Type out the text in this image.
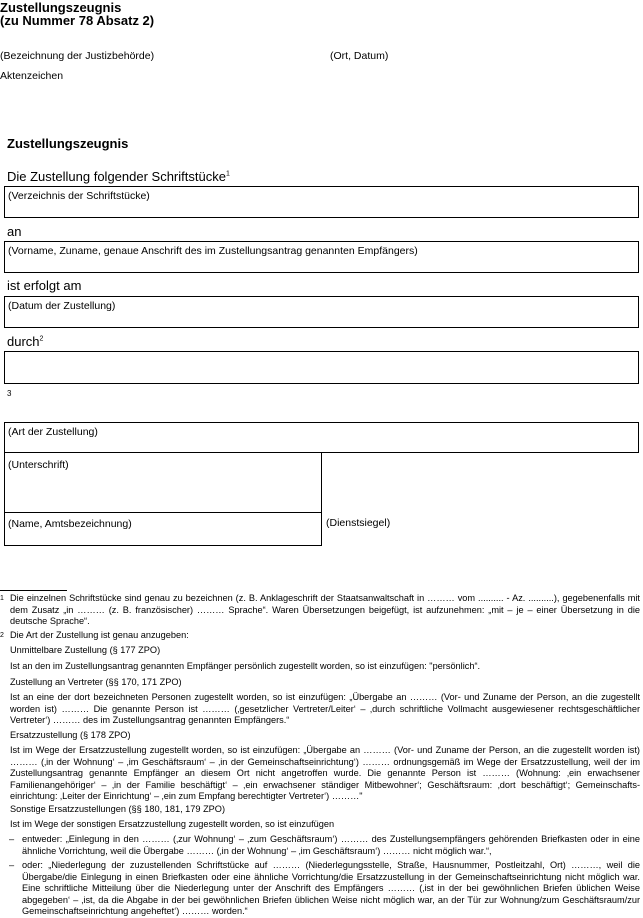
Zustellungszeugnis
(zu Nummer 78 Absatz 2)
(Bezeichnung der Justizbehörde)	(Ort, Datum)
Aktenzeichen
Zustellungszeugnis
Die Zustellung folgender Schriftstücke$^1$
(Verzeichnis der Schriftstücke)
an
(Vorname, Zuname, genaue Anschrift des im Zustellungsantrag genannten Empfängers)
ist erfolgt am
(Datum der Zustellung)
durch$^2$
3
(Art der Zustellung)
(Unterschrift)
(Name, Amtsbezeichnung)	(Dienstsiegel)
1 Die einzelnen Schriftstücke sind genau zu bezeichnen (z. B. Anklageschrift der Staatsanwaltschaft in ……… vom .......... - Az. ..........), gegebenenfalls mit dem Zusatz „in ……… (z. B. französischer) ……… Sprache“. Waren Übersetzungen beigefügt, ist aufzunehmen: „mit – je – einer Übersetzung in die deutsche Sprache“.
2 Die Art der Zustellung ist genau anzugeben:
Unmittelbare Zustellung (§ 177 ZPO)
Ist an den im Zustellungsantrag genannten Empfänger persönlich zugestellt worden, so ist einzufügen: "persönlich“.
Zustellung an Vertreter (§§ 170, 171 ZPO)
Ist an eine der dort bezeichneten Personen zugestellt worden, so ist einzufügen: „Übergabe an ……… (Vor- und Zuname der Person, an die zugestellt worden ist) ……… Die genannte Person ist ……… (‚gesetzlicher Vertreter/Leiter‘ – ‚durch schriftliche Vollmacht ausgewiesener rechtsgeschäftlicher Vertreter‘) ……… des im Zustellungsantrag genannten Empfängers.“
Ersatzzustellung (§ 178 ZPO)
Ist im Wege der Ersatzzustellung zugestellt worden, so ist einzufügen: „Übergabe an ……… (Vor- und Zuname der Person, an die zugestellt worden ist) ……… (‚in der Wohnung‘ – ‚im Geschäftsraum‘ – ‚in der Gemeinschaftseinrichtung‘) ……… ordnungsgemäß im Wege der Ersatzzustellung, weil der im Zustellungsantrag genannte Empfänger an diesem Ort nicht angetroffen wurde. Die genannte Person ist ……… (Wohnung: ‚ein erwachsener Familienangehöriger‘ – ‚in der Familie beschäftigt‘ – ‚ein erwachsener ständiger Mitbewohner‘; Geschäftsraum: ‚dort beschäftigt‘; Gemeinschaftseinrichtung: ‚Leiter der Einrichtung‘ – ‚ein zum Empfang berechtigter Vertreter‘) ………"
Sonstige Ersatzzustellungen (§§ 180, 181, 179 ZPO)
Ist im Wege der sonstigen Ersatzzustellung zugestellt worden, so ist einzufügen
– entweder: „Einlegung in den ……… (‚zur Wohnung‘ – ‚zum Geschäftsraum‘) ……… des Zustellungsempfängers gehörenden Briefkasten oder in eine ähnliche Vorrichtung, weil die Übergabe ……… (‚in der Wohnung‘ – ‚im Geschäftsraum‘) ……… nicht möglich war.“,
– oder: „Niederlegung der zuzustellenden Schriftstücke auf ……… (Niederlegungsstelle, Straße, Hausnummer, Postleitzahl, Ort) ………, weil die Übergabe/die Einlegung in einen Briefkasten oder eine ähnliche Vorrichtung/die Ersatzzustellung in der Gemeinschaftseinrichtung nicht möglich war. Eine schriftliche Mitteilung über die Niederlegung unter der Anschrift des Empfängers ……… (‚ist in der bei gewöhnlichen Briefen üblichen Weise abgegeben‘ – ‚ist, da die Abgabe in der bei gewöhnlichen Briefen üblichen Weise nicht möglich war, an der Tür zur Wohnung/zum Geschäftsraum/zur Gemeinschaftseinrichtung angeheftet‘) ……… worden.“
